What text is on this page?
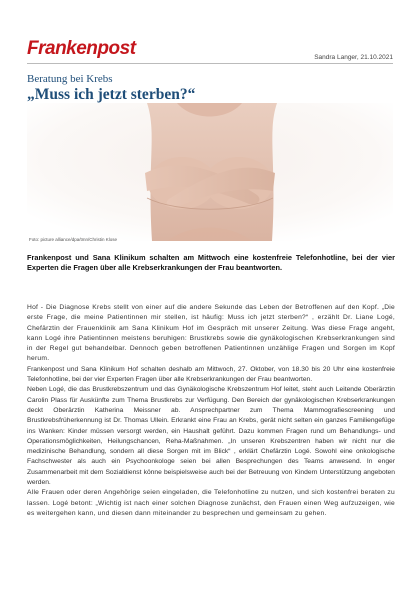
Frankenpost	Sandra Langer, 21.10.2021
Beratung bei Krebs
„Muss ich jetzt sterben?“
Foto: picture alliance/dpa/tmn/Christin Klose
Frankenpost und Sana Klinikum schalten am Mittwoch eine kostenfreie Telefonhotline, bei der vier Experten die Fragen über alle Krebserkrankungen der Frau beantworten.

Hof - Die Diagnose Krebs stellt von einer auf die andere Sekunde das Leben der Betroffenen auf den Kopf. „Die erste Frage, die meine Patientinnen mir stellen, ist häufig: Muss ich jetzt sterben?“ , erzählt Dr. Liane Logé, Chefärztin der Frauenklinik am Sana Klinikum Hof im Gespräch mit unserer Zeitung. Was diese Frage angeht, kann Logé ihre Patientinnen meistens beruhigen: Brustkrebs sowie die gynäkologischen Krebserkrankungen sind in der Regel gut behandelbar. Dennoch geben betroffenen Patientinnen unzählige Fragen und Sorgen im Kopf herum.

Frankenpost und Sana Klinikum Hof schalten deshalb am Mittwoch, 27. Oktober, von 18.30 bis 20 Uhr eine kostenfreie Telefonhotline, bei der vier Experten Fragen über alle Krebserkrankungen der Frau beantworten.

Neben Logé, die das Brustkrebszentrum und das Gynäkologische Krebszentrum Hof leitet, steht auch Leitende Oberärztin Carolin Plass für Auskünfte zum Thema Brustkrebs zur Verfügung. Den Bereich der gynäkologischen Krebserkrankungen deckt Oberärztin Katherina Meissner ab. Ansprechpartner zum Thema Mammografiescreening und Brustkrebsfrüherkennung ist Dr. Thomas Ullein. Erkrankt eine Frau an Krebs, gerät nicht selten ein ganzes Familiengefüge ins Wanken: Kinder müssen versorgt werden, ein Haushalt geführt. Dazu kommen Fragen rund um Behandlungs- und Operationsmöglichkeiten, Heilungschancen, Reha-Maßnahmen. „In unseren Krebszentren haben wir nicht nur die medizinische Behandlung, sondern all diese Sorgen mit im Blick“ , erklärt Chefärztin Logé. Sowohl eine onkologische Fachschwester als auch ein Psychoonkologe seien bei allen Besprechungen des Teams anwesend. In enger Zusammenarbeit mit dem Sozialdienst könne beispielsweise auch bei der Betreuung von Kindern Unterstützung angeboten werden.

Alle Frauen oder deren Angehörige seien eingeladen, die Telefonhotline zu nutzen, und sich kostenfrei beraten zu lassen. Logé betont: „Wichtig ist nach einer solchen Diagnose zunächst, den Frauen einen Weg aufzuzeigen, wie es weitergehen kann, und diesen dann miteinander zu besprechen und gemeinsam zu gehen.
